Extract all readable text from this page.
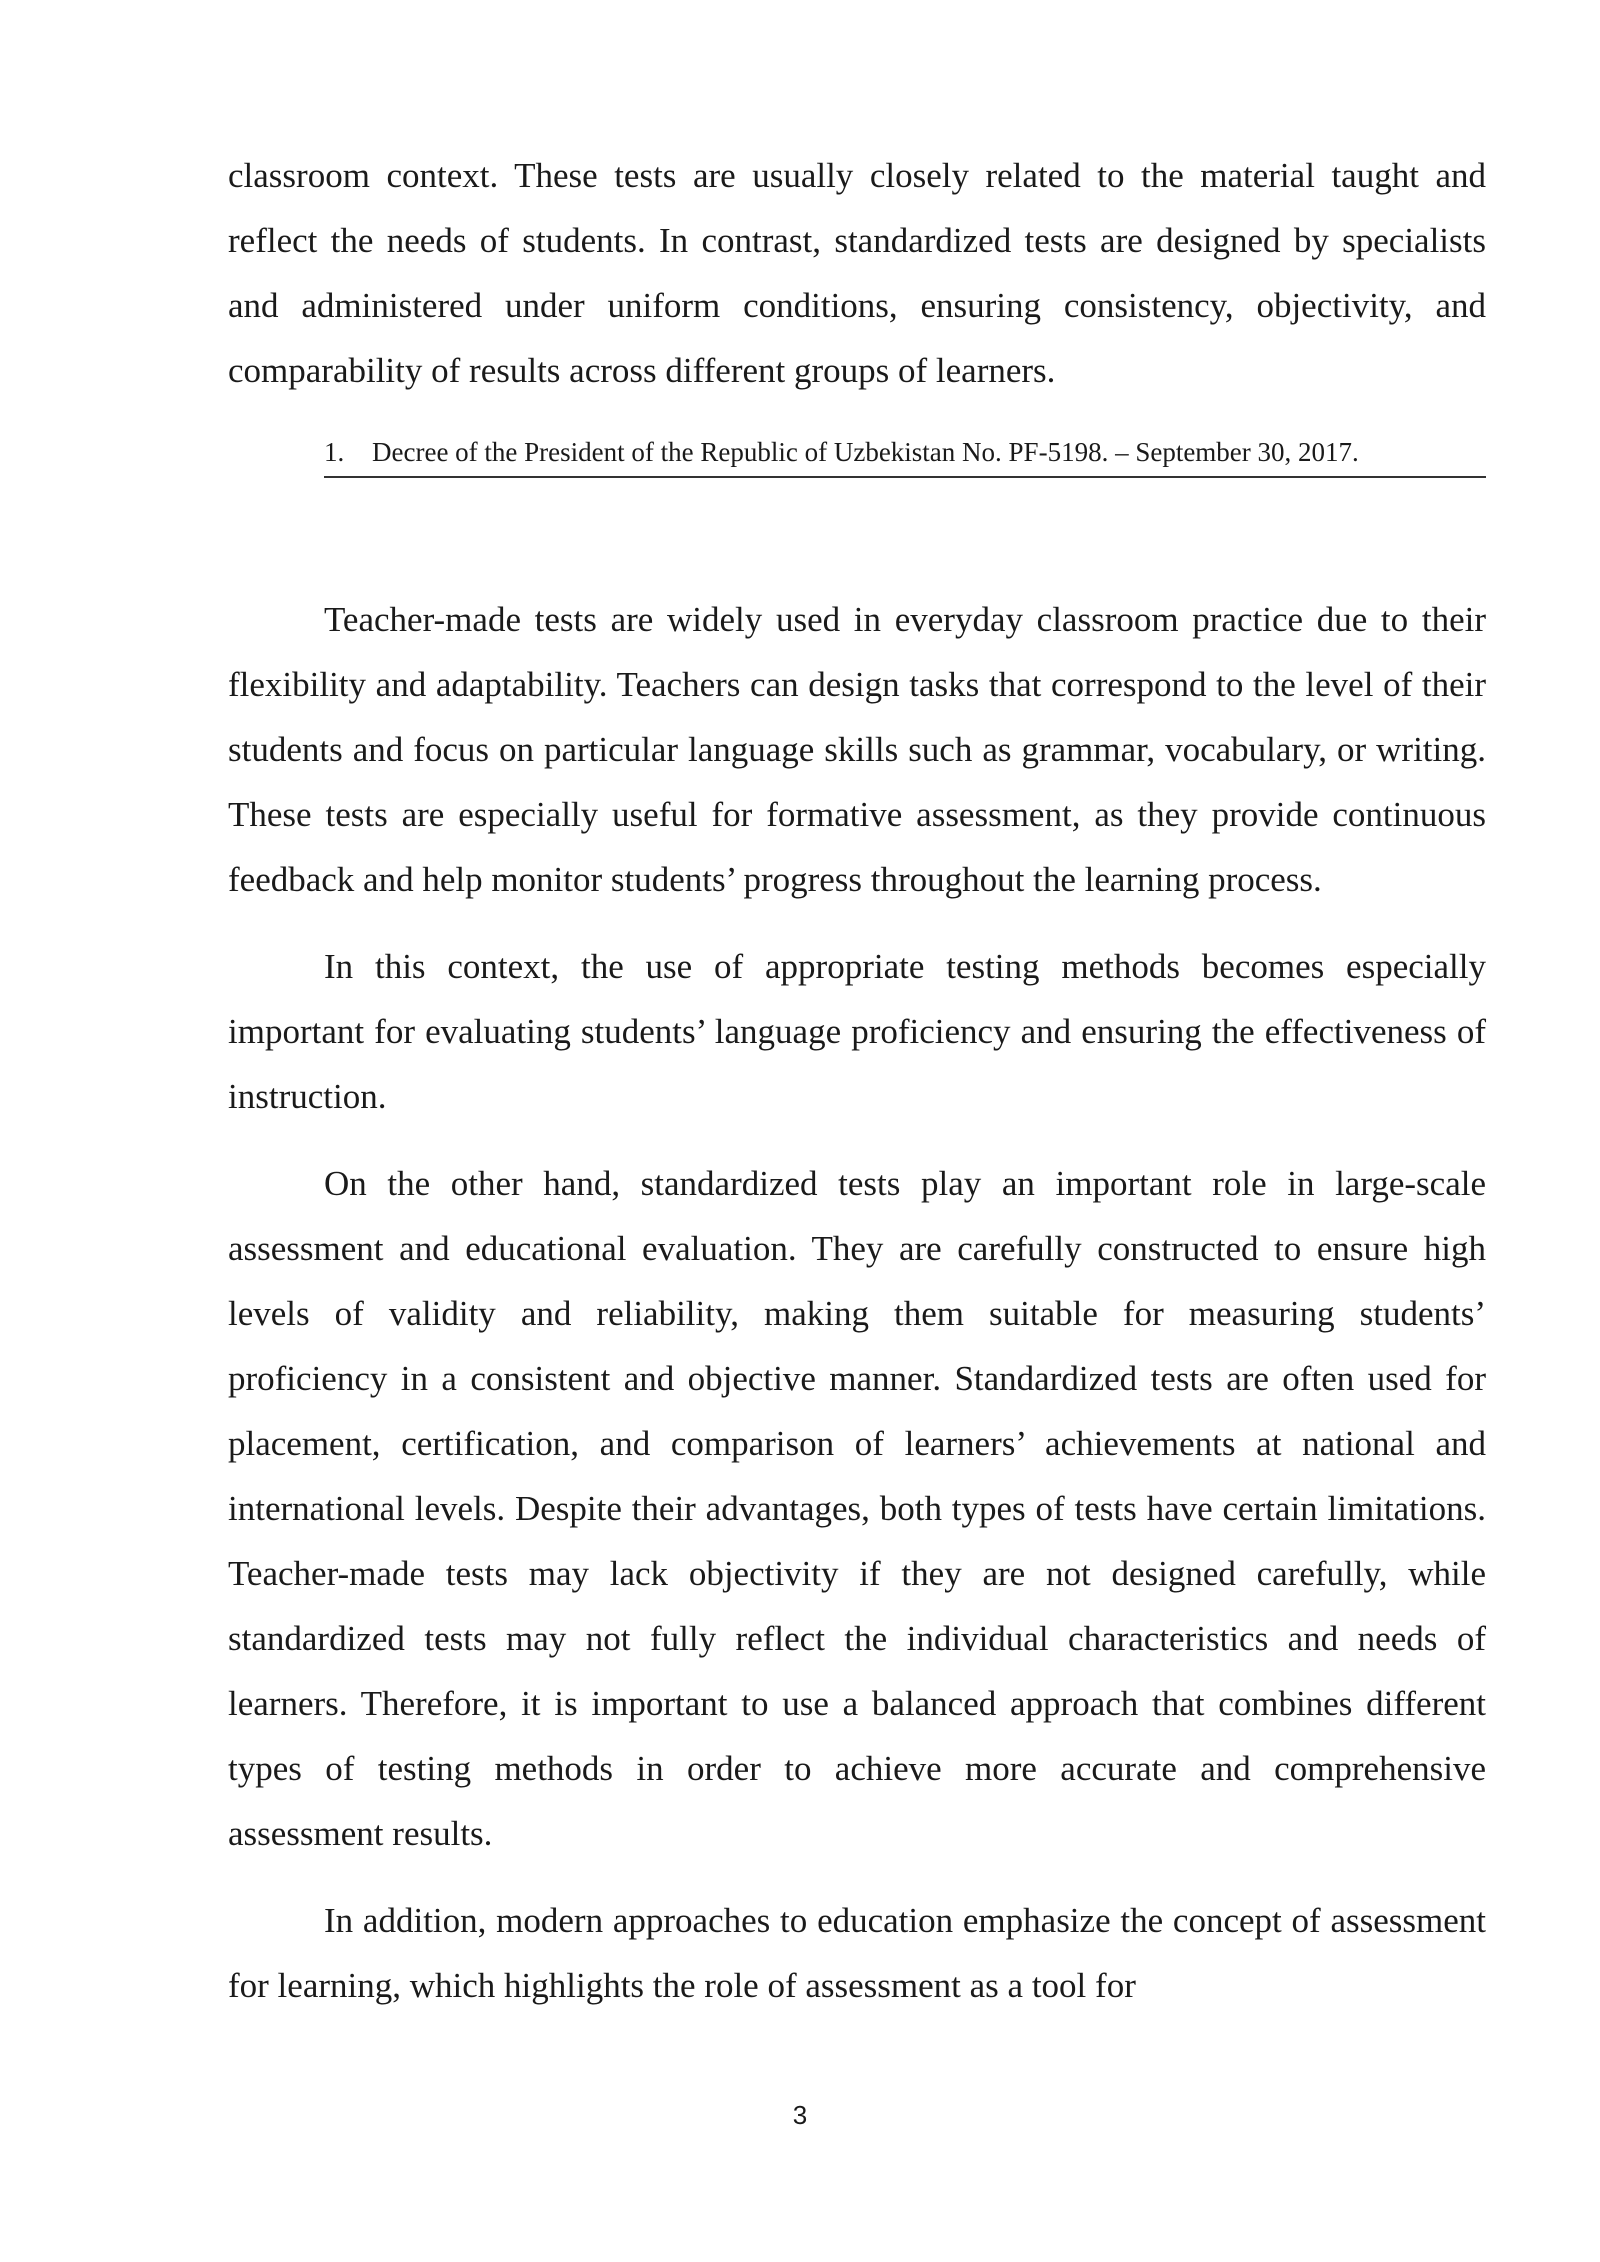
classroom context. These tests are usually closely related to the material taught and reflect the needs of students. In contrast, standardized tests are designed by specialists and administered under uniform conditions, ensuring consistency, objectivity, and comparability of results across different groups of learners.

1. Decree of the President of the Republic of Uzbekistan No. PF-5198. – September 30, 2017.

Teacher-made tests are widely used in everyday classroom practice due to their flexibility and adaptability. Teachers can design tasks that correspond to the level of their students and focus on particular language skills such as grammar, vocabulary, or writing. These tests are especially useful for formative assessment, as they provide continuous feedback and help monitor students’ progress throughout the learning process.

In this context, the use of appropriate testing methods becomes especially important for evaluating students’ language proficiency and ensuring the effectiveness of instruction.

On the other hand, standardized tests play an important role in large-scale assessment and educational evaluation. They are carefully constructed to ensure high levels of validity and reliability, making them suitable for measuring students’ proficiency in a consistent and objective manner. Standardized tests are often used for placement, certification, and comparison of learners’ achievements at national and international levels. Despite their advantages, both types of tests have certain limitations. Teacher-made tests may lack objectivity if they are not designed carefully, while standardized tests may not fully reflect the individual characteristics and needs of learners. Therefore, it is important to use a balanced approach that combines different types of testing methods in order to achieve more accurate and comprehensive assessment results.

In addition, modern approaches to education emphasize the concept of assessment for learning, which highlights the role of assessment as a tool for

3
